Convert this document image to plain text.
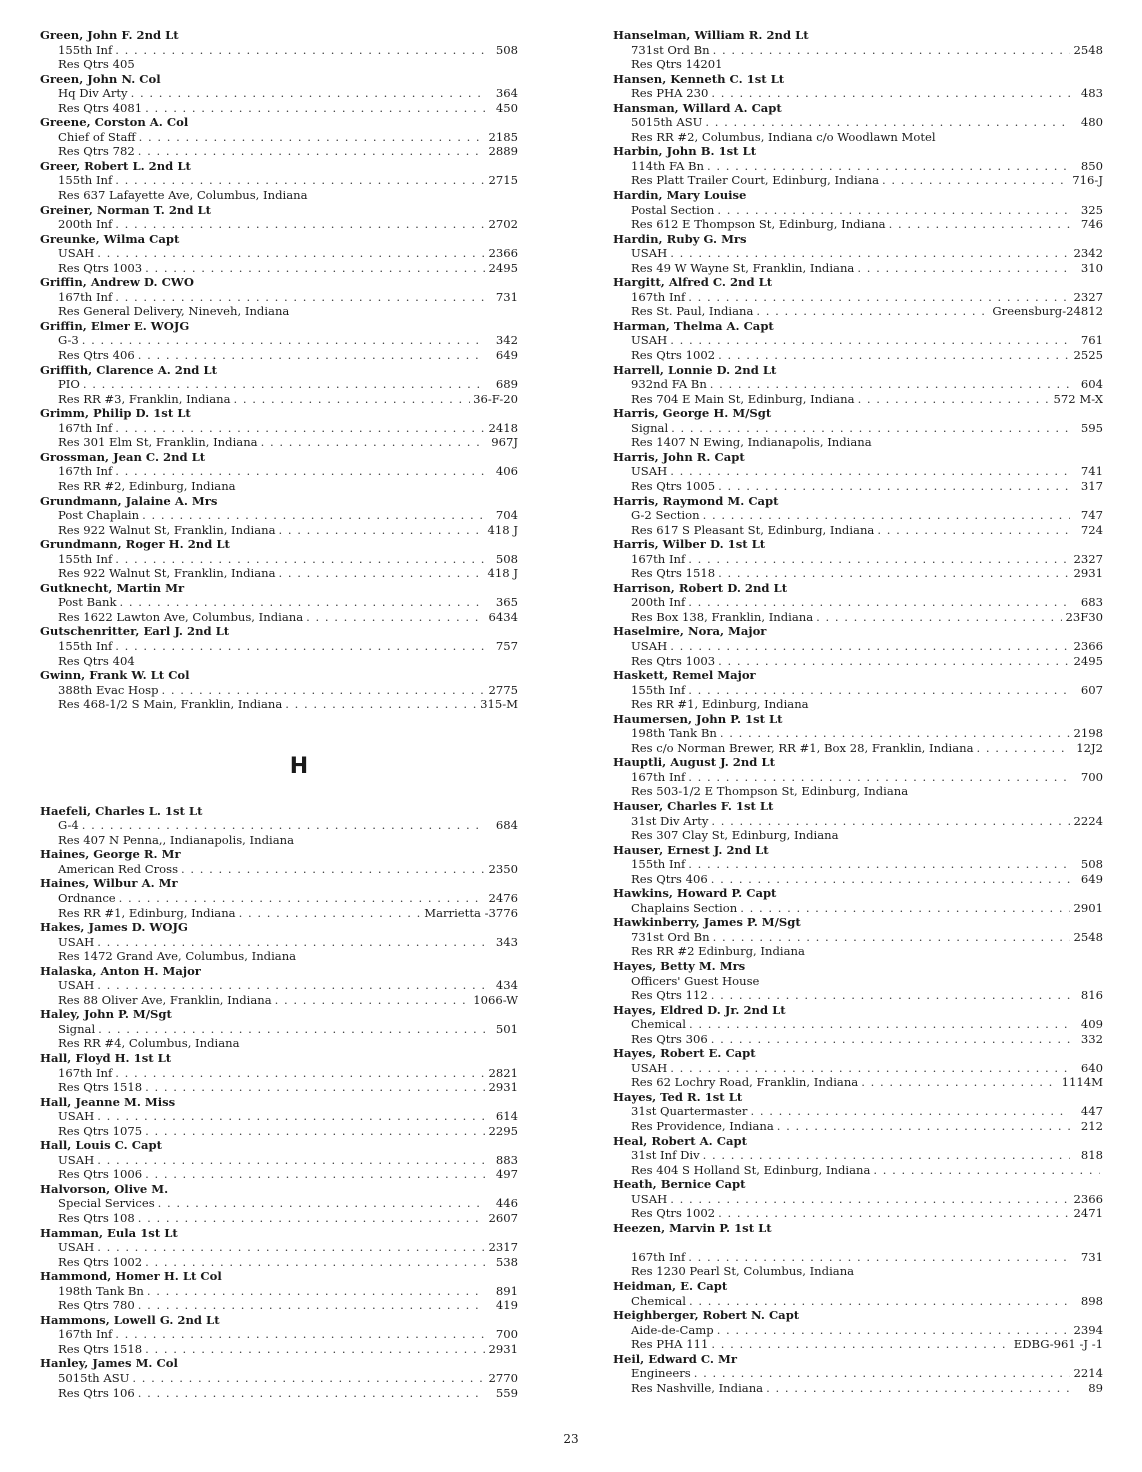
Green, John F. 2nd Lt
155th Inf . . .	508
Res Qtrs 405
Green, John N. Col
Hq Div Arty . . .	364
Res Qtrs 4081 . . .	450
Greene, Corston A. Col
Chief of Staff . . .	2185
Res Qtrs 782 . . .	2889
Greer, Robert L. 2nd Lt
155th Inf . . .	2715
Res 637 Lafayette Ave, Columbus, Indiana
Greiner, Norman T. 2nd Lt
200th Inf . . .	2702
Greunke, Wilma Capt
USAH . . .	2366
Res Qtrs 1003 . . .	2495
Griffin, Andrew D. CWO
167th Inf . . .	731
Res General Delivery, Nineveh, Indiana
Griffin, Elmer E. WOJG
G-3 . . .	342
Res Qtrs 406 . . .	649
Griffith, Clarence A. 2nd Lt
PIO . . .	689
Res RR #3, Franklin, Indiana . . .	36-F-20
Grimm, Philip D. 1st Lt
167th Inf . . .	2418
Res 301 Elm St, Franklin, Indiana . . .	967J
Grossman, Jean C. 2nd Lt
167th Inf . . .	406
Res RR #2, Edinburg, Indiana
Grundmann, Jalaine A. Mrs
Post Chaplain . . .	704
Res 922 Walnut St, Franklin, Indiana . . .	418 J
Grundmann, Roger H. 2nd Lt
155th Inf . . .	508
Res 922 Walnut St, Franklin, Indiana . . .	418 J
Gutknecht, Martin Mr
Post Bank . . .	365
Res 1622 Lawton Ave, Columbus, Indiana . . .	6434
Gutschenritter, Earl J. 2nd Lt
155th Inf . . .	757
Res Qtrs 404
Gwinn, Frank W. Lt Col
388th Evac Hosp . . .	2775
Res 468-1/2 S Main, Franklin, Indiana . . .	315-M
H
Haefeli, Charles L. 1st Lt
G-4 . . .	684
Res 407 N Penna,, Indianapolis, Indiana
Haines, George R. Mr
American Red Cross . . .	2350
Haines, Wilbur A. Mr
Ordnance . . .	2476
Res RR #1, Edinburg, Indiana . . .	Marrietta -3776
Hakes, James D. WOJG
USAH . . .	343
Res 1472 Grand Ave, Columbus, Indiana
Halaska, Anton H. Major
USAH . . .	434
Res 88 Oliver Ave, Franklin, Indiana . . .	1066-W
Haley, John P. M/Sgt
Signal . . .	501
Res RR #4, Columbus, Indiana
Hall, Floyd H. 1st Lt
167th Inf . . .	2821
Res Qtrs 1518 . . .	2931
Hall, Jeanne M. Miss
USAH . . .	614
Res Qtrs 1075 . . .	2295
Hall, Louis C. Capt
USAH . . .	883
Res Qtrs 1006 . . .	497
Halvorson, Olive M.
Special Services . . .	446
Res Qtrs 108 . . .	2607
Hamman, Eula 1st Lt
USAH . . .	2317
Res Qtrs 1002 . . .	538
Hammond, Homer H. Lt Col
198th Tank Bn . . .	891
Res Qtrs 780 . . .	419
Hammons, Lowell G. 2nd Lt
167th Inf . . .	700
Res Qtrs 1518 . . .	2931
Hanley, James M. Col
5015th ASU . . .	2770
Res Qtrs 106 . . .	559
Hanselman, William R. 2nd Lt
731st Ord Bn . . .	2548
Res Qtrs 14201
Hansen, Kenneth C. 1st Lt
Res PHA 230 . . .	483
Hansman, Willard A. Capt
5015th ASU . . .	480
Res RR #2, Columbus, Indiana c/o Woodlawn Motel
Harbin, John B. 1st Lt
114th FA Bn . . .	850
Res Platt Trailer Court, Edinburg, Indiana . . .	716-J
Hardin, Mary Louise
Postal Section . . .	325
Res 612 E Thompson St, Edinburg, Indiana . . .	746
Hardin, Ruby G. Mrs
USAH . . .	2342
Res 49 W Wayne St, Franklin, Indiana . . .	310
Hargitt, Alfred C. 2nd Lt
167th Inf . . .	2327
Res St. Paul, Indiana . . .	Greensburg-24812
Harman, Thelma A. Capt
USAH . . .	761
Res Qtrs 1002 . . .	2525
Harrell, Lonnie D. 2nd Lt
932nd FA Bn . . .	604
Res 704 E Main St, Edinburg, Indiana . . .	572 M-X
Harris, George H. M/Sgt
Signal . . .	595
Res 1407 N Ewing, Indianapolis, Indiana
Harris, John R. Capt
USAH . . .	741
Res Qtrs 1005 . . .	317
Harris, Raymond M. Capt
G-2 Section . . .	747
Res 617 S Pleasant St, Edinburg, Indiana . . .	724
Harris, Wilber D. 1st Lt
167th Inf . . .	2327
Res Qtrs 1518 . . .	2931
Harrison, Robert D. 2nd Lt
200th Inf . . .	683
Res Box 138, Franklin, Indiana . . .	23F30
Haselmire, Nora, Major
USAH . . .	2366
Res Qtrs 1003 . . .	2495
Haskett, Remel Major
155th Inf . . .	607
Res RR #1, Edinburg, Indiana
Haumersen, John P. 1st Lt
198th Tank Bn . . .	2198
Res c/o Norman Brewer, RR #1, Box 28, Franklin, Indiana . . .	12J2
Hauptli, August J. 2nd Lt
167th Inf . . .	700
Res 503-1/2 E Thompson St, Edinburg, Indiana
Hauser, Charles F. 1st Lt
31st Div Arty . . .	2224
Res 307 Clay St, Edinburg, Indiana
Hauser, Ernest J. 2nd Lt
155th Inf . . .	508
Res Qtrs 406 . . .	649
Hawkins, Howard P. Capt
Chaplains Section . . .	2901
Hawkinberry, James P. M/Sgt
731st Ord Bn . . .	2548
Res RR #2 Edinburg, Indiana
Hayes, Betty M. Mrs
Officers' Guest House
Res Qtrs 112 . . .	816
Hayes, Eldred D. Jr. 2nd Lt
Chemical . . .	409
Res Qtrs 306 . . .	332
Hayes, Robert E. Capt
USAH . . .	640
Res 62 Lochry Road, Franklin, Indiana . . .	1114M
Hayes, Ted R. 1st Lt
31st Quartermaster . . .	447
Res Providence, Indiana . . .	212
Heal, Robert A. Capt
31st Inf Div . . .	818
Res 404 S Holland St, Edinburg, Indiana
. . .
Heath, Bernice Capt
USAH . . .	2366
Res Qtrs 1002 . . .	2471
Heezen, Marvin P. 1st Lt
167th Inf . . .	731
Res 1230 Pearl St, Columbus, Indiana
Heidman, E. Capt
Chemical . . .	898
Heighberger, Robert N. Capt
Aide-de-Camp . . .	2394
Res PHA 111 . . .	EDBG-961 -J -1
Heil, Edward C. Mr
Engineers . . .	2214
Res Nashville, Indiana . . .	89
23
